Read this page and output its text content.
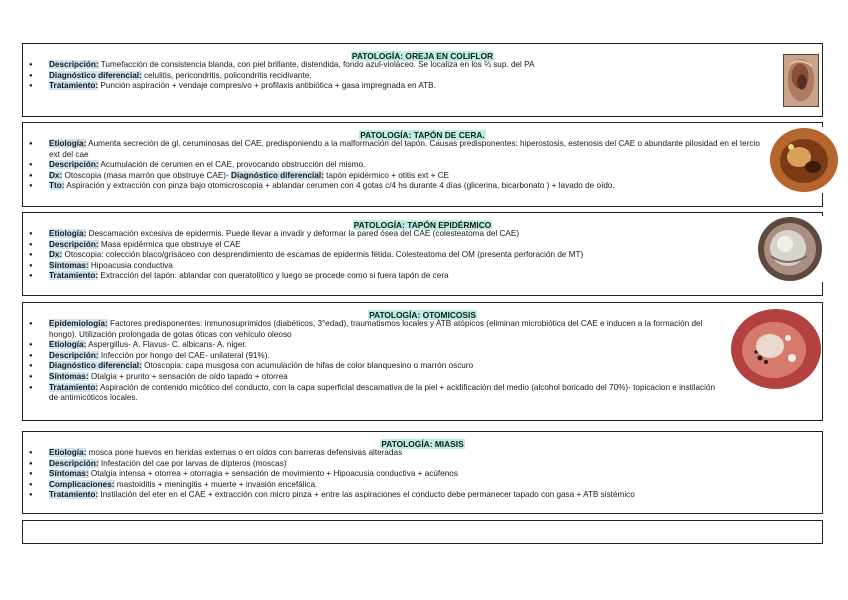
PATOLOGÍA: OREJA EN COLIFLOR
● Descripción: Tumefacción de consistencia blanda, con piel brillante, distendida, fondo azul-violáceo. Se localiza en los ⅔ sup. del PA
● Diagnóstico diferencial: celulitis, pericondritis, policondritis recidivante.
● Tratamiento: Punción aspiración + vendaje compresivo + profilaxis antibiótica + gasa impregnada en ATB.
PATOLOGÍA: TAPÓN DE CERA.
● Etiología: Aumenta secreción de gl. ceruminosas del CAE, predisponiendo a la malformación del tapón. Causas predisponentes: hiperostosis, estenosis del CAE o abundante pilosidad en el tercio ext del cae
● Descripción: Acumulación de cerumen en el CAE, provocando obstrucción del mismo.
● Dx: Otoscopia (masa marrón que obstruye CAE)- Diagnóstico diferencial: tapón epidérmico + otitis ext + CE
● Tto: Aspiración y extracción con pinza bajo otomicroscopia + ablandar cerumen con 4 gotas c/4 hs durante 4 días (glicerina, bicarbonato ) + lavado de oído.
PATOLOGÍA: TAPÓN EPIDÉRMICO
● Etiología: Descamación excesiva de epidermis. Puede llevar a invadir y deformar la pared ósea del CAE (colesteatoma del CAE)
● Descripción: Masa epidérmica que obstruye el CAE
● Dx: Otoscopia: colección blaco/grisáceo con desprendimiento de escamas de epidermis fétida. Colesteatoma del OM (presenta perforación de MT)
● Síntomas: Hipoacusia conductiva
● Tratamiento: Extracción del tapón: ablandar con queratolítico y luego se procede como si fuera tapón de cera
PATOLOGÍA: OTOMICOSIS
● Epidemiología: Factores predisponentes: inmunosuprimidos (diabéticos, 3°edad), traumatismos locales y ATB atópicos (eliminan microbiótica del CAE e inducen a la formación del hongo). Utilización prolongada de gotas óticas con vehículo oleoso
● Etiología: Aspergillus- A. Flavus- C. albicans- A. niger.
● Descripción: Infección por hongo del CAE- unilateral (91%).
● Diagnóstico diferencial: Otoscopia: capa musgosa con acumulación de hifas de color blanquesino o marrón oscuro
● Síntomas: Otalgia + prurito + sensación de oído tapado + otorrea
● Tratamiento: Aspiración de contenido micótico del conducto, con la capa superficial descamativa de la piel + acidificación del medio (alcohol boricado del 70%)- topicacion e instilación de antimicóticos locales.
PATOLOGÍA: MIASIS
● Etiología: mosca pone huevos en heridas externas o en oídos con barreras defensivas alteradas
● Descripción: Infestación del cae por larvas de dípteros (moscas)
● Síntomas: Otalgia intensa + otorrea + otorragia + sensación de movimiento + Hipoacusia conductiva + acúfenos
● Complicaciones: mastoiditis + meningitis + muerte + invasión encefálica.
● Tratamiento: Instilación del eter en el CAE + extracción con micro pinza + entre las aspiraciones el conducto debe permanecer tapado con gasa + ATB sistémico
